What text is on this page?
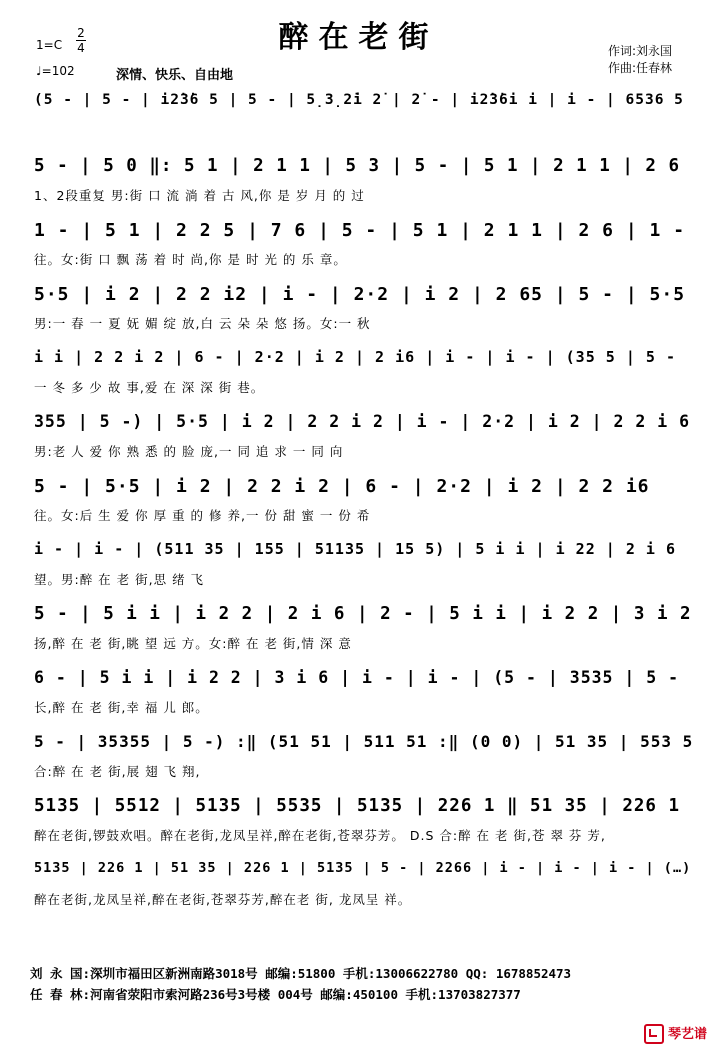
醉在老街
1=C
2
4
♩=102	深情、快乐、自由地
作词:刘永国
作曲:任春林
(5 - | 5 - | i2̇3̇6 5 | 5 - | 5̣3̣2̇i 2̇ | 2̇ - | i2̇3̇6i i | i - | 6536 5
5 - | 5 0 ‖: 5 1 | 2 1 1 | 5 3 | 5 - | 5 1 | 2 1 1 | 2 6
1、2段重复 男:街 口 流 淌 着 古 风,你 是 岁 月 的 过
1 - | 5 1 | 2 2 5 | 7 6 | 5 - | 5 1 | 2 1 1 | 2 6 | 1 -
往。女:街 口 飘 荡 着 时 尚,你 是 时 光 的 乐 章。
5·5 | i 2 | 2 2 i2 | i - | 2·2 | i 2 | 2 65 | 5 - | 5·5
男:一 春 一 夏 妩 媚 绽 放,白 云 朵 朵 悠 扬。女:一 秋
i i | 2 2 i 2 | 6 - | 2·2 | i 2 | 2 i6 | i - | i - | (35 5 | 5 -
一 冬 多 少 故 事,爱 在 深 深 街 巷。
355 | 5 -) | 5·5 | i 2 | 2 2 i 2 | i - | 2·2 | i 2 | 2 2 i 6
男:老 人 爱 你 熟 悉 的 脸 庞,一 同 追 求 一 同 向
5 - | 5·5 | i 2 | 2 2 i 2 | 6 - | 2·2 | i 2 | 2 2 i6
往。女:后 生 爱 你 厚 重 的 修 养,一 份 甜 蜜 一 份 希
i - | i - | (511 35 | 155 | 51135 | 15 5) | 5 i i | i 22 | 2 i 6
望。男:醉 在 老 街,思 绪 飞
5 - | 5 i i | i 2 2 | 2 i 6 | 2 - | 5 i i | i 2 2 | 3 i 2
扬,醉 在 老 街,眺 望 远 方。女:醉 在 老 街,情 深 意
6 - | 5 i i | i 2 2 | 3 i 6 | i - | i - | (5 - | 3535 | 5 -
长,醉 在 老 街,幸 福 儿 郎。
5 - | 35355 | 5 -) :‖ (51 51 | 511 51 :‖ (0 0) | 51 35 | 553 5
合:醉 在 老 街,展 翅 飞 翔,
5135 | 5512 | 5135 | 5535 | 5135 | 226 1 ‖ 51 35 | 226 1
醉在老街,锣鼓欢唱。醉在老街,龙凤呈祥,醉在老街,苍翠芬芳。 D.S 合:醉 在 老 街,苍 翠 芬 芳,
5135 | 226 1 | 51 35 | 226 1 | 5135 | 5 - | 2266 | i - | i - | i - | (…)
醉在老街,龙凤呈祥,醉在老街,苍翠芬芳,醉在老 街, 龙凤呈 祥。
刘 永 国:深圳市福田区新洲南路3018号 邮编:51800 手机:13006622780 QQ: 1678852473
任 春 林:河南省荥阳市索河路236号3号楼 004号 邮编:450100 手机:13703827377
琴艺谱
